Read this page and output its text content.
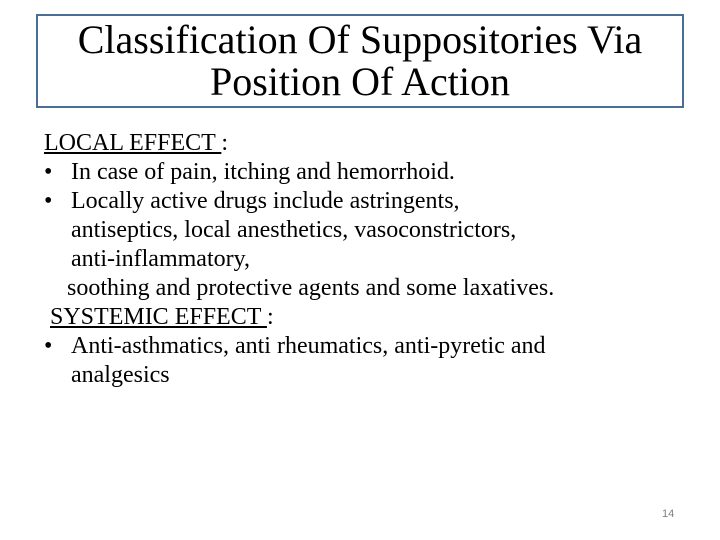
Classification Of Suppositories Via
Position Of Action
LOCAL EFFECT :
• In case of pain, itching and hemorrhoid.
• Locally active drugs include astringents,
antiseptics, local anesthetics, vasoconstrictors,
anti-inflammatory,
soothing and protective agents and some laxatives.
SYSTEMIC EFFECT :
• Anti-asthmatics, anti rheumatics, anti-pyretic and
analgesics
14
